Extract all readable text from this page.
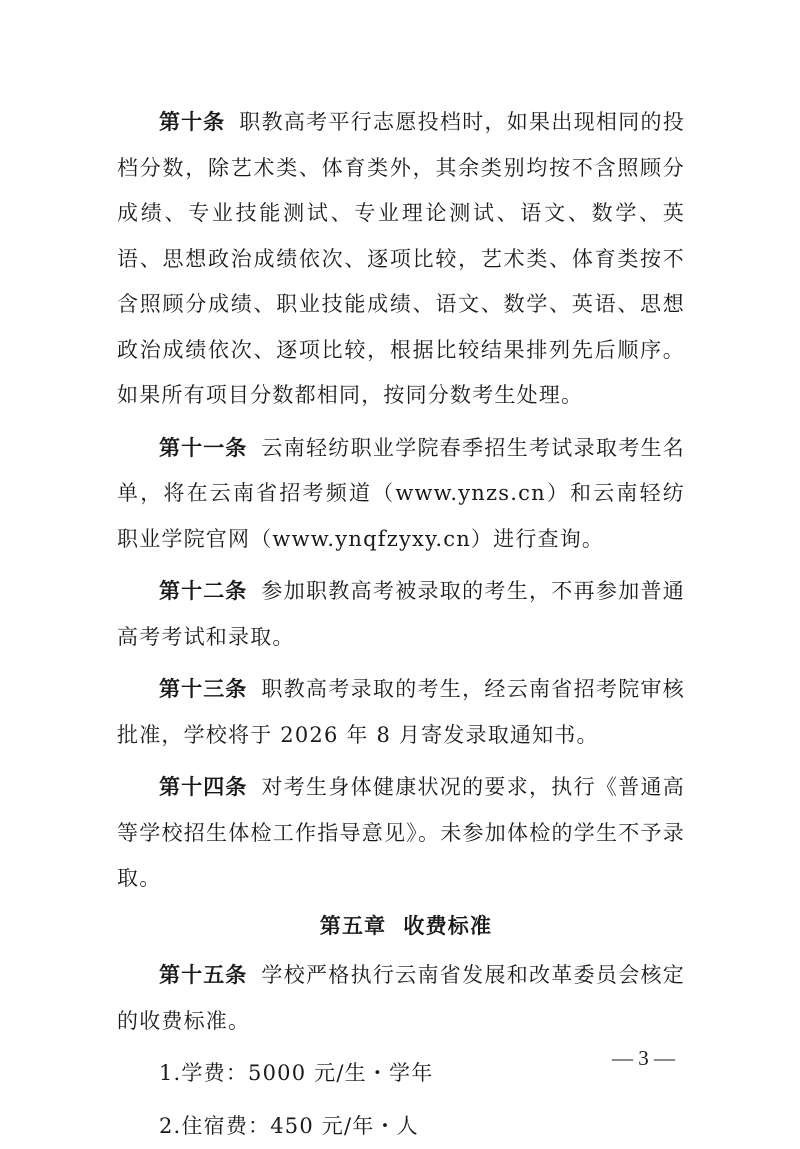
第十条 职教高考平行志愿投档时，如果出现相同的投档分数，除艺术类、体育类外，其余类别均按不含照顾分成绩、专业技能测试、专业理论测试、语文、数学、英语、思想政治成绩依次、逐项比较，艺术类、体育类按不含照顾分成绩、职业技能成绩、语文、数学、英语、思想政治成绩依次、逐项比较，根据比较结果排列先后顺序。如果所有项目分数都相同，按同分数考生处理。

第十一条 云南轻纺职业学院春季招生考试录取考生名单，将在云南省招考频道（www.ynzs.cn）和云南轻纺职业学院官网（www.ynqfzyxy.cn）进行查询。

第十二条 参加职教高考被录取的考生，不再参加普通高考考试和录取。

第十三条 职教高考录取的考生，经云南省招考院审核批准，学校将于 2026 年 8 月寄发录取通知书。

第十四条 对考生身体健康状况的要求，执行《普通高等学校招生体检工作指导意见》。未参加体检的学生不予录取。

第五章  收费标准

第十五条 学校严格执行云南省发展和改革委员会核定的收费标准。

1.学费：5000 元/生・学年

2.住宿费：450 元/年・人

— 3 —
